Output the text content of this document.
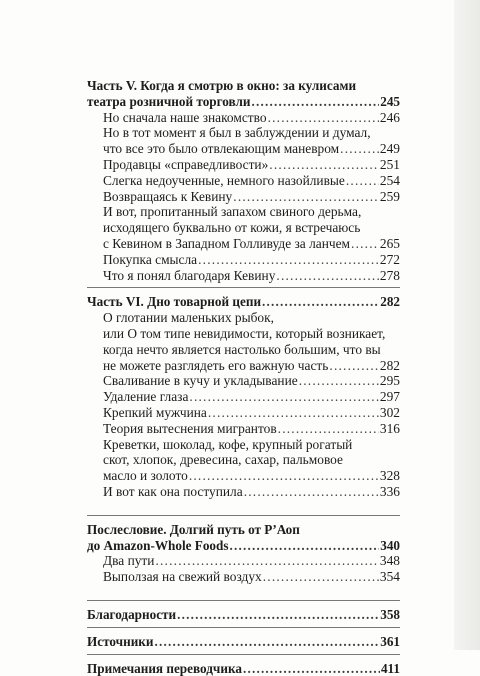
Часть V. Когда я смотрю в окно: за кулисами
театра розничной торговли .....	245
Но сначала наше знакомство .....	246
Но в тот момент я был в заблуждении и думал,
что все это было отвлекающим маневром .....	249
Продавцы «справедливости» .....	251
Слегка недоученные, немного назойливые .....	254
Возвращаясь к Кевину .....	259
И вот, пропитанный запахом свиного дерьма,
исходящего буквально от кожи, я встречаюсь
с Кевином в Западном Голливуде за ланчем ..... 265
Покупка смысла .....	272
Что я понял благодаря Кевину .....	278
Часть VI. Дно товарной цепи .....	282
О глотании маленьких рыбок,
или О том типе невидимости, который возникает,
когда нечто является настолько большим, что вы
не можете разглядеть его важную часть .....	282
Сваливание в кучу и укладывание .....	295
Удаление глаза .....	297
Крепкий мужчина .....	302
Теория вытеснения мигрантов .....	316
Креветки, шоколад, кофе, крупный рогатый
скот, хлопок, древесина, сахар, пальмовое
масло и золото .....	328
И вот как она поступила .....	336
Послесловие. Долгий путь от Р’Аоп
до Amazon-Whole Foods .....	340
Два пути .....	348
Выползая на свежий воздух .....	354
Благодарности .....	358
Источники .....	361
Примечания переводчика .....	411
